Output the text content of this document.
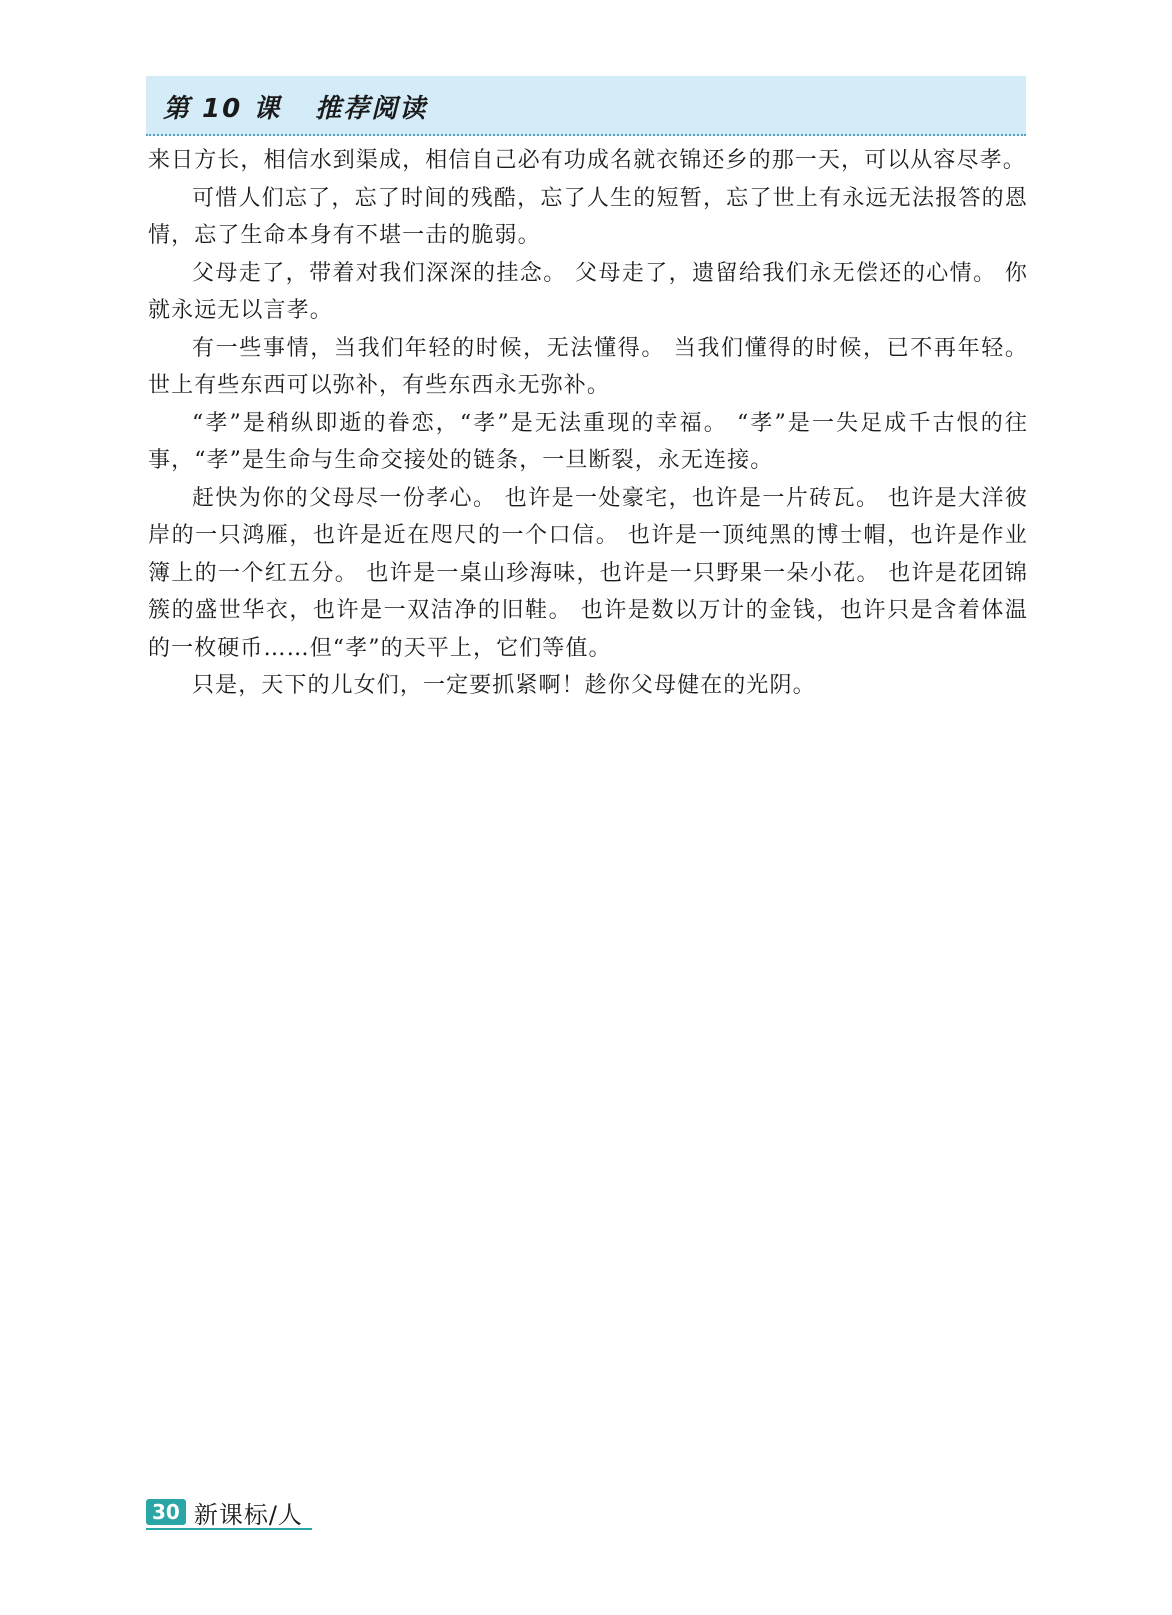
第 10 课 推荐阅读

来日方长，相信水到渠成，相信自己必有功成名就衣锦还乡的那一天，可以从容尽孝。

可惜人们忘了，忘了时间的残酷，忘了人生的短暂，忘了世上有永远无法报答的恩情，忘了生命本身有不堪一击的脆弱。

父母走了，带着对我们深深的挂念。 父母走了，遗留给我们永无偿还的心情。 你就永远无以言孝。

有一些事情，当我们年轻的时候，无法懂得。 当我们懂得的时候，已不再年轻。 世上有些东西可以弥补，有些东西永无弥补。

“孝”是稍纵即逝的眷恋，“孝”是无法重现的幸福。 “孝”是一失足成千古恨的往事，“孝”是生命与生命交接处的链条，一旦断裂，永无连接。

赶快为你的父母尽一份孝心。 也许是一处豪宅，也许是一片砖瓦。 也许是大洋彼岸的一只鸿雁，也许是近在咫尺的一个口信。 也许是一顶纯黑的博士帽，也许是作业簿上的一个红五分。 也许是一桌山珍海味，也许是一只野果一朵小花。 也许是花团锦簇的盛世华衣，也许是一双洁净的旧鞋。 也许是数以万计的金钱，也许只是含着体温的一枚硬币……但“孝”的天平上，它们等值。

只是，天下的儿女们，一定要抓紧啊！趁你父母健在的光阴。

30 新课标/人
